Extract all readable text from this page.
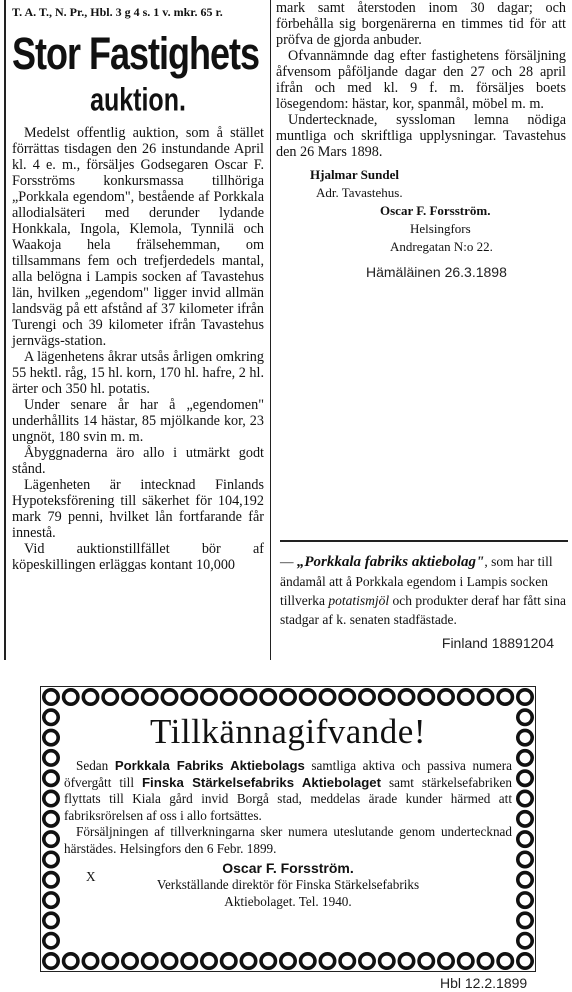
T. A. T., N. Pr., Hbl. 3 g 4 s. 1 v. mkr. 65 r.
Stor Fastighets
auktion.

Medelst offentlig auktion, som å stället förrättas tisdagen den 26 instundande April kl. 4 e. m., försäljes Godsegaren Oscar F. Forsströms konkursmassa tillhöriga „Porkkala egendom", bestående af Porkkala allodialsäteri med derunder lydande Honkkala, Ingola, Klemola, Tynnilä och Waakoja hela frälsehemman, om tillsammans fem och trefjerdedels mantal, alla belögna i Lampis socken af Tavastehus län, hvilken „egendom" ligger invid allmän landsväg på ett afstånd af 37 kilometer ifrån Turengi och 39 kilometer ifrån Tavastehus jernvägs-station.

A lägenhetens åkrar utsås årligen omkring 55 hektl. råg, 15 hl. korn, 170 hl. hafre, 2 hl. ärter och 350 hl. potatis.

Under senare år har å „egendomen" underhållits 14 hästar, 85 mjölkande kor, 23 ungnöt, 180 svin m. m.

Åbyggnaderna äro allo i utmärkt godt stånd.

Lägenheten är intecknad Finlands Hypoteksförening till säkerhet för 104,192 mark 79 penni, hvilket lån fortfarande får innestå.

Vid auktionstillfället bör af köpeskillingen erläggas kontant 10,000

mark samt återstoden inom 30 dagar; och förbehålla sig borgenärerna en timmes tid för att pröfva de gjorda anbuder.

Ofvannämnde dag efter fastighetens försäljning åfvensom påföljande dagar den 27 och 28 april ifrån och med kl. 9 f. m. försäljes boets lösegendom: hästar, kor, spanmål, möbel m. m.

Undertecknade, syssloman lemna nödiga muntliga och skriftliga upplysningar. Tavastehus den 26 Mars 1898.

Hjalmar Sundel
Adr. Tavastehus.
Oscar F. Forsström.
Helsingfors
Andregatan N:o 22.
Hämäläinen 26.3.1898
— „Porkkala fabriks aktiebolag", som har till ändamål att å Porkkala egendom i Lampis socken tillverka potatismjöl och produkter deraf har fått sina stadgar af k. senaten stadfästade.
Finland 18891204
Tillkännagifvande!

Sedan Porkkala Fabriks Aktiebolags samtliga aktiva och passiva numera öfvergått till Finska Stärkelsefabriks Aktiebolaget samt stärkelsefabriken flyttats till Kiala gård invid Borgå stad, meddelas ärade kunder härmed att fabriksrörelsen af oss i allo fortsättes.

Försäljningen af tillverkningarna sker numera uteslutande genom undertecknad härstädes. Helsingfors den 6 Febr. 1899.

X
Oscar F. Forsström.
Verkställande direktör för Finska Stärkelsefabriks
Aktiebolaget. Tel. 1940.
Hbl 12.2.1899
